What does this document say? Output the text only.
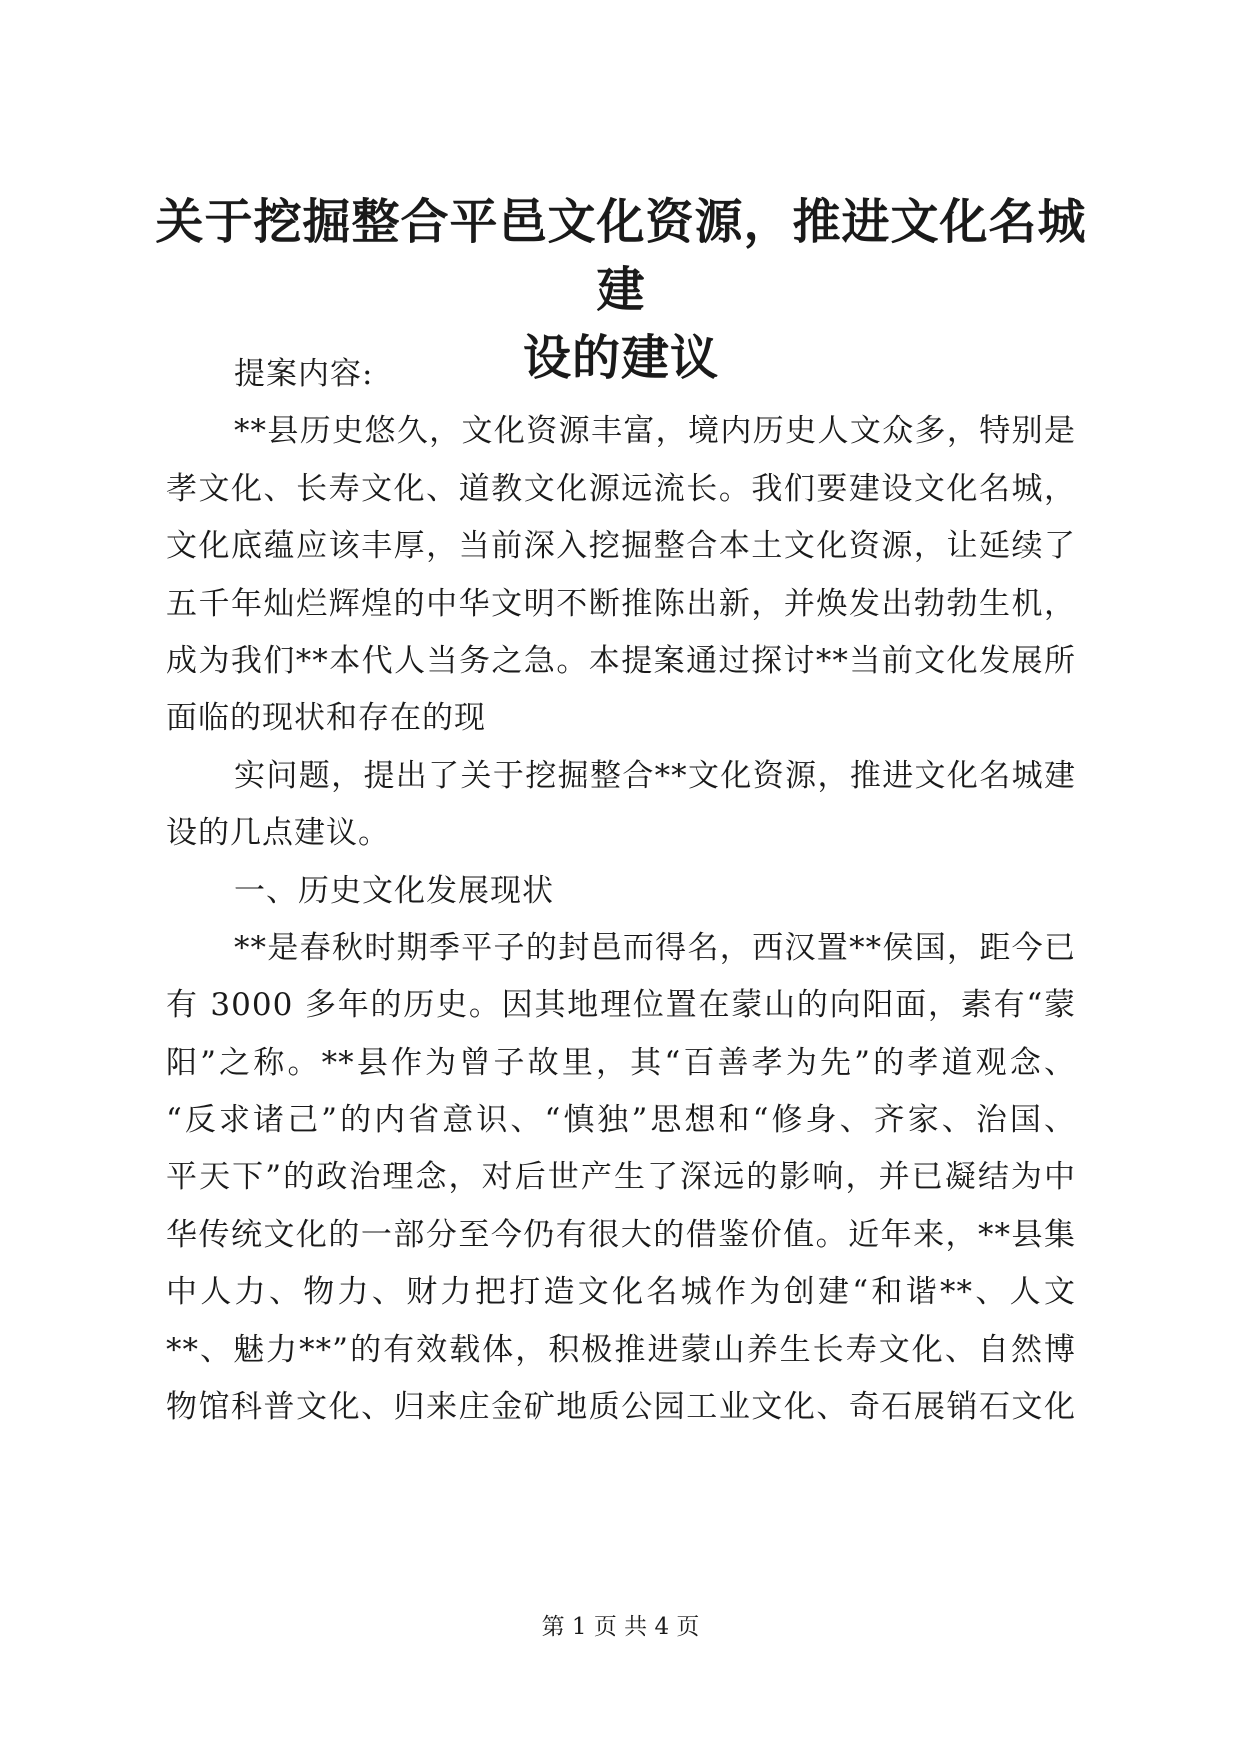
关于挖掘整合平邑文化资源，推进文化名城建
设的建议
提案内容:
**县历史悠久，文化资源丰富，境内历史人文众多，特别是
孝文化、长寿文化、道教文化源远流长。我们要建设文化名城，
文化底蕴应该丰厚，当前深入挖掘整合本土文化资源，让延续了
五千年灿烂辉煌的中华文明不断推陈出新，并焕发出勃勃生机，
成为我们**本代人当务之急。本提案通过探讨**当前文化发展所
面临的现状和存在的现
实问题，提出了关于挖掘整合**文化资源，推进文化名城建
设的几点建议。
一、历史文化发展现状
**是春秋时期季平子的封邑而得名，西汉置**侯国，距今已
有 3000 多年的历史。因其地理位置在蒙山的向阳面，素有“蒙
阳”之称。**县作为曾子故里，其“百善孝为先”的孝道观念、
“反求诸己”的内省意识、“慎独”思想和“修身、齐家、治国、
平天下”的政治理念，对后世产生了深远的影响，并已凝结为中
华传统文化的一部分至今仍有很大的借鉴价值。近年来，**县集
中人力、物力、财力把打造文化名城作为创建“和谐**、人文
**、魅力**”的有效载体，积极推进蒙山养生长寿文化、自然博
物馆科普文化、归来庄金矿地质公园工业文化、奇石展销石文化
第 1 页 共 4 页
